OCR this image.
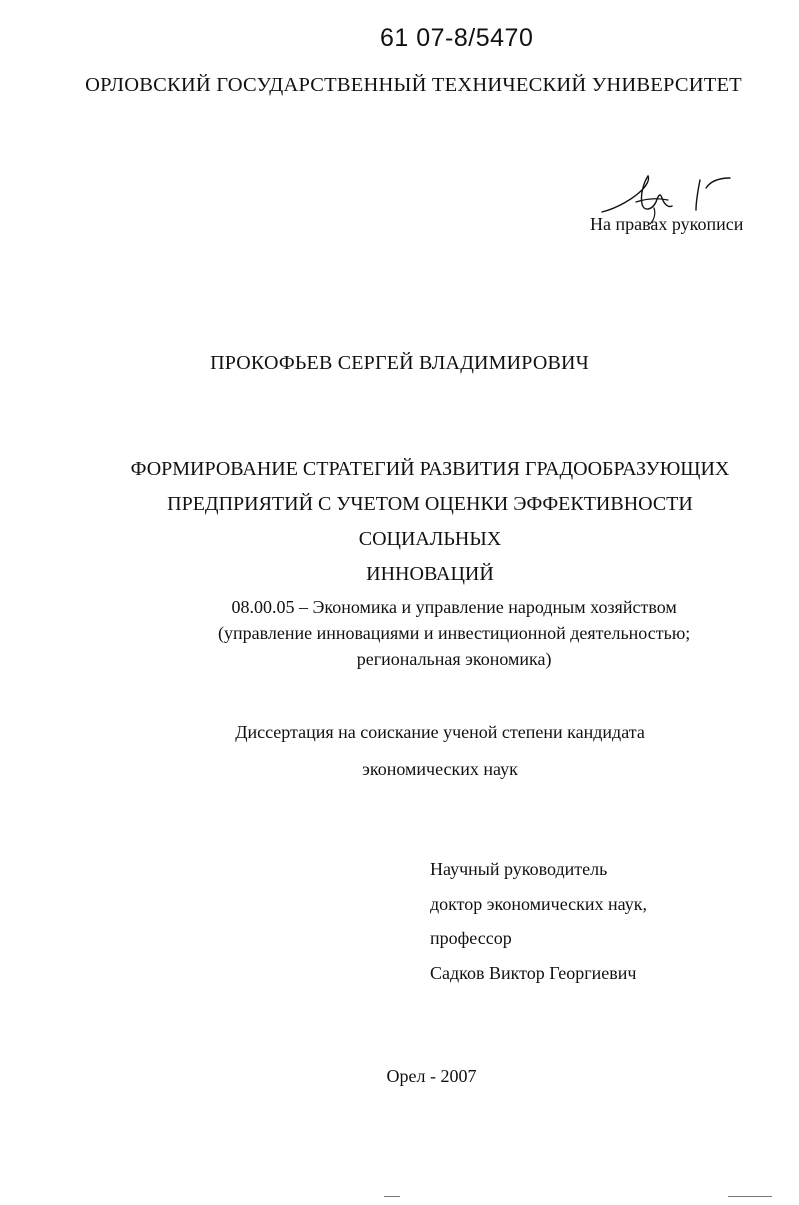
61 07-8/5470
ОРЛОВСКИЙ ГОСУДАРСТВЕННЫЙ ТЕХНИЧЕСКИЙ УНИВЕРСИТЕТ
На правах рукописи
ПРОКОФЬЕВ СЕРГЕЙ ВЛАДИМИРОВИЧ
ФОРМИРОВАНИЕ СТРАТЕГИЙ РАЗВИТИЯ ГРАДООБРАЗУЮЩИХ
ПРЕДПРИЯТИЙ С УЧЕТОМ ОЦЕНКИ ЭФФЕКТИВНОСТИ СОЦИАЛЬНЫХ
ИННОВАЦИЙ
08.00.05 – Экономика и управление народным хозяйством
(управление инновациями и инвестиционной деятельностью;
региональная экономика)
Диссертация на соискание ученой степени кандидата
экономических наук
Научный руководитель
доктор экономических наук,
профессор
Садков Виктор Георгиевич
Орел - 2007
